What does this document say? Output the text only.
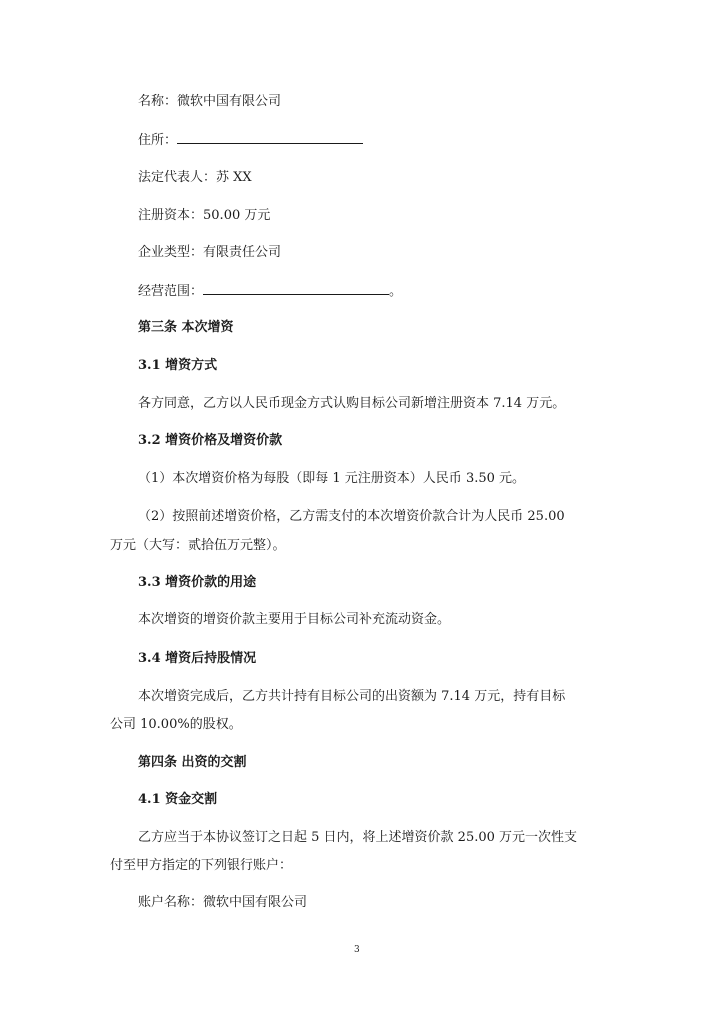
名称：微软中国有限公司
住所：
法定代表人：苏 XX
注册资本：50.00 万元
企业类型：有限责任公司
经营范围：	。
第三条 本次增资
3.1 增资方式
各方同意，乙方以人民币现金方式认购目标公司新增注册资本 7.14 万元。
3.2 增资价格及增资价款
（1）本次增资价格为每股（即每 1 元注册资本）人民币 3.50 元。
（2）按照前述增资价格，乙方需支付的本次增资价款合计为人民币 25.00
万元（大写：贰拾伍万元整）。
3.3 增资价款的用途
本次增资的增资价款主要用于目标公司补充流动资金。
3.4 增资后持股情况
本次增资完成后，乙方共计持有目标公司的出资额为 7.14 万元，持有目标
公司 10.00%的股权。
第四条 出资的交割
4.1 资金交割
乙方应当于本协议签订之日起 5 日内，将上述增资价款 25.00 万元一次性支
付至甲方指定的下列银行账户：
账户名称：微软中国有限公司
3
